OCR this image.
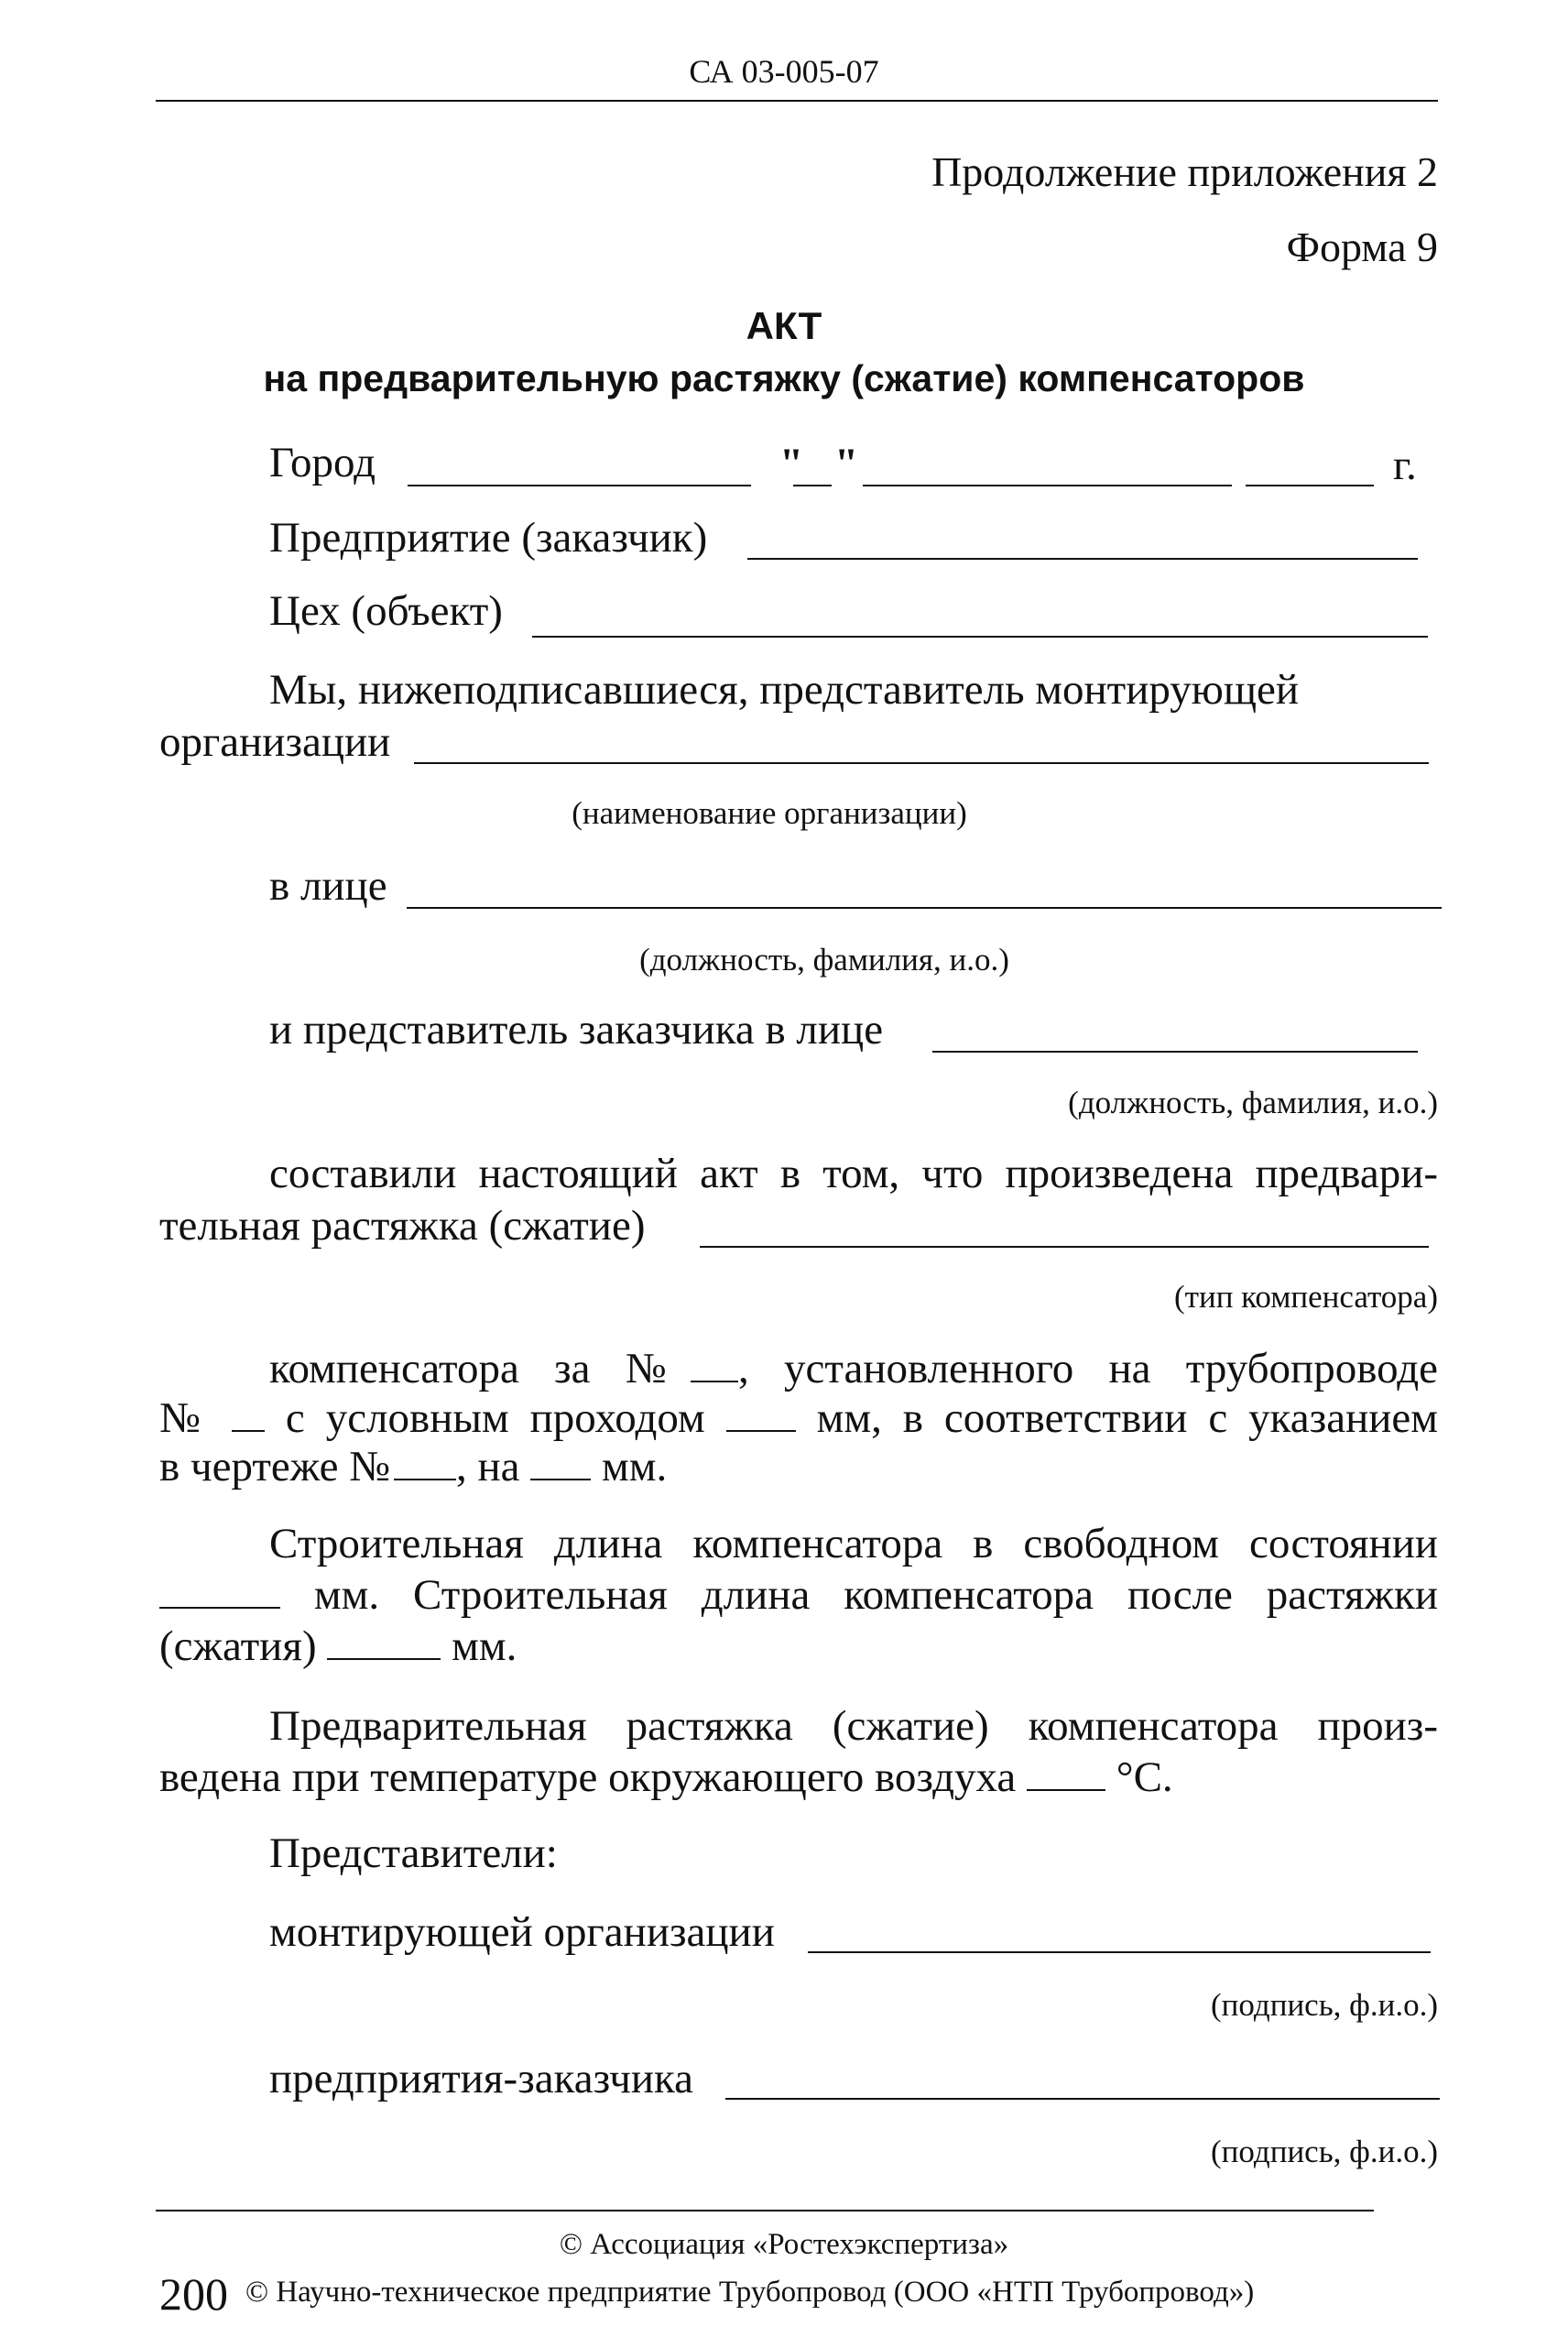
СА 03-005-07
Продолжение приложения 2
Форма 9
АКТ
на предварительную растяжку (сжатие) компенсаторов
Город	" "	г.
Предприятие (заказчик)
Цех (объект)
Мы, нижеподписавшиеся, представитель монтирующей
организации
(наименование организации)
в лице
(должность, фамилия, и.о.)
и представитель заказчика в лице
(должность, фамилия, и.о.)
составили настоящий акт в том, что произведена предвари-
тельная растяжка (сжатие)
(тип компенсатора)
компенсатора за № , установленного на трубопроводе
№ с условным проходом	мм, в соответствии с указанием
в чертеже № , на мм.
Строительная длина компенсатора в свободном состоянии
мм. Строительная длина компенсатора после растяжки
(сжатия)	мм.
Предварительная растяжка (сжатие) компенсатора произ-
ведена при температуре окружающего воздуха °С.
Представители:
монтирующей организации
(подпись, ф.и.о.)
предприятия-заказчика
(подпись, ф.и.о.)
© Ассоциация «Ростехэкспертиза»
200 © Научно-техническое предприятие Трубопровод (ООО «НТП Трубопровод»)
